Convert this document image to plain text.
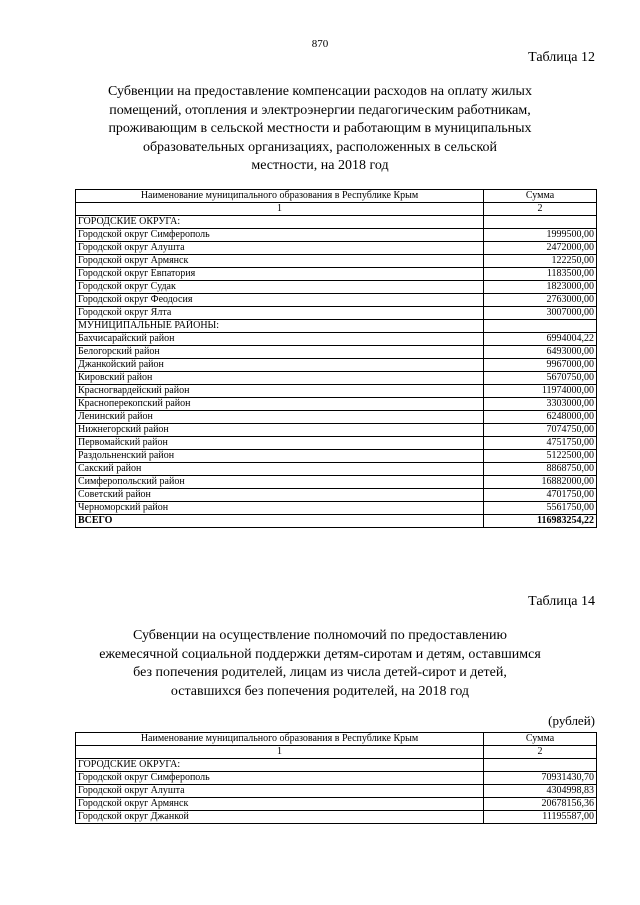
870
Таблица 12
Субвенции на предоставление компенсации расходов на оплату жилых
помещений, отопления и электроэнергии педагогическим работникам,
проживающим в сельской местности и работающим в муниципальных
образовательных организациях, расположенных в сельской
местности, на 2018 год
Наименование муниципального образования в Республике Крым	Сумма
1	2
ГОРОДСКИЕ ОКРУГА:	
Городской округ Симферополь	1999500,00
Городской округ Алушта	2472000,00
Городской округ Армянск	122250,00
Городской округ Евпатория	1183500,00
Городской округ Судак	1823000,00
Городской округ Феодосия	2763000,00
Городской округ Ялта	3007000,00
МУНИЦИПАЛЬНЫЕ РАЙОНЫ:	
Бахчисарайский район	6994004,22
Белогорский район	6493000,00
Джанкойский район	9967000,00
Кировский район	5670750,00
Красногвардейский район	11974000,00
Красноперекопский район	3303000,00
Ленинский район	6248000,00
Нижнегорский район	7074750,00
Первомайский район	4751750,00
Раздольненский район	5122500,00
Сакский район	8868750,00
Симферопольский район	16882000,00
Советский район	4701750,00
Черноморский район	5561750,00
ВСЕГО	116983254,22
Таблица 14
Субвенции на осуществление полномочий по предоставлению
ежемесячной социальной поддержки детям-сиротам и детям, оставшимся
без попечения родителей, лицам из числа детей-сирот и детей,
оставшихся без попечения родителей, на 2018 год
(рублей)
Наименование муниципального образования в Республике Крым	Сумма
1	2
ГОРОДСКИЕ ОКРУГА:	
Городской округ Симферополь	70931430,70
Городской округ Алушта	4304998,83
Городской округ Армянск	20678156,36
Городской округ Джанкой	11195587,00
